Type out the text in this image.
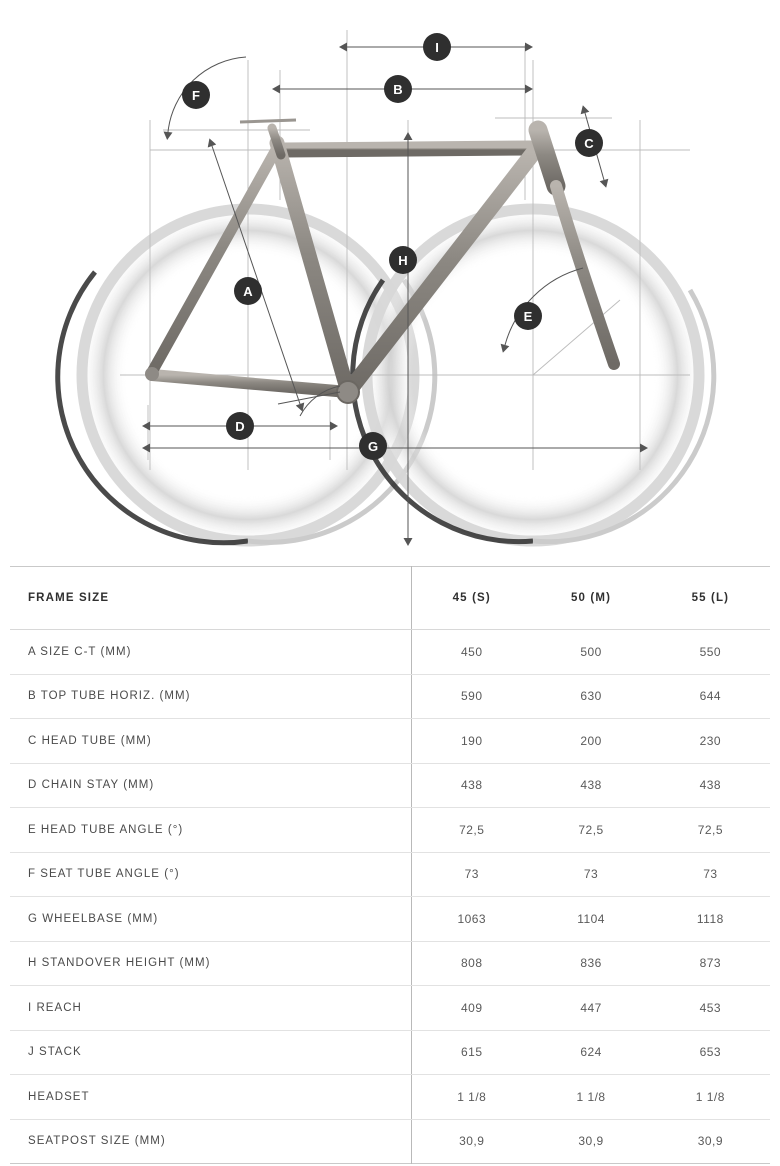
A
B
C
D
E
F
G
H
I
FRAME SIZE	45 (S)	50 (M)	55 (L)
A SIZE C-T (MM)	450	500	550
B TOP TUBE HORIZ. (MM)	590	630	644
C HEAD TUBE (MM)	190	200	230
D CHAIN STAY (MM)	438	438	438
E HEAD TUBE ANGLE (°)	72,5	72,5	72,5
F SEAT TUBE ANGLE (°)	73	73	73
G WHEELBASE (MM)	1063	1104	1118
H STANDOVER HEIGHT (MM)	808	836	873
I REACH	409	447	453
J STACK	615	624	653
HEADSET	1 1/8	1 1/8	1 1/8
SEATPOST SIZE (MM)	30,9	30,9	30,9
